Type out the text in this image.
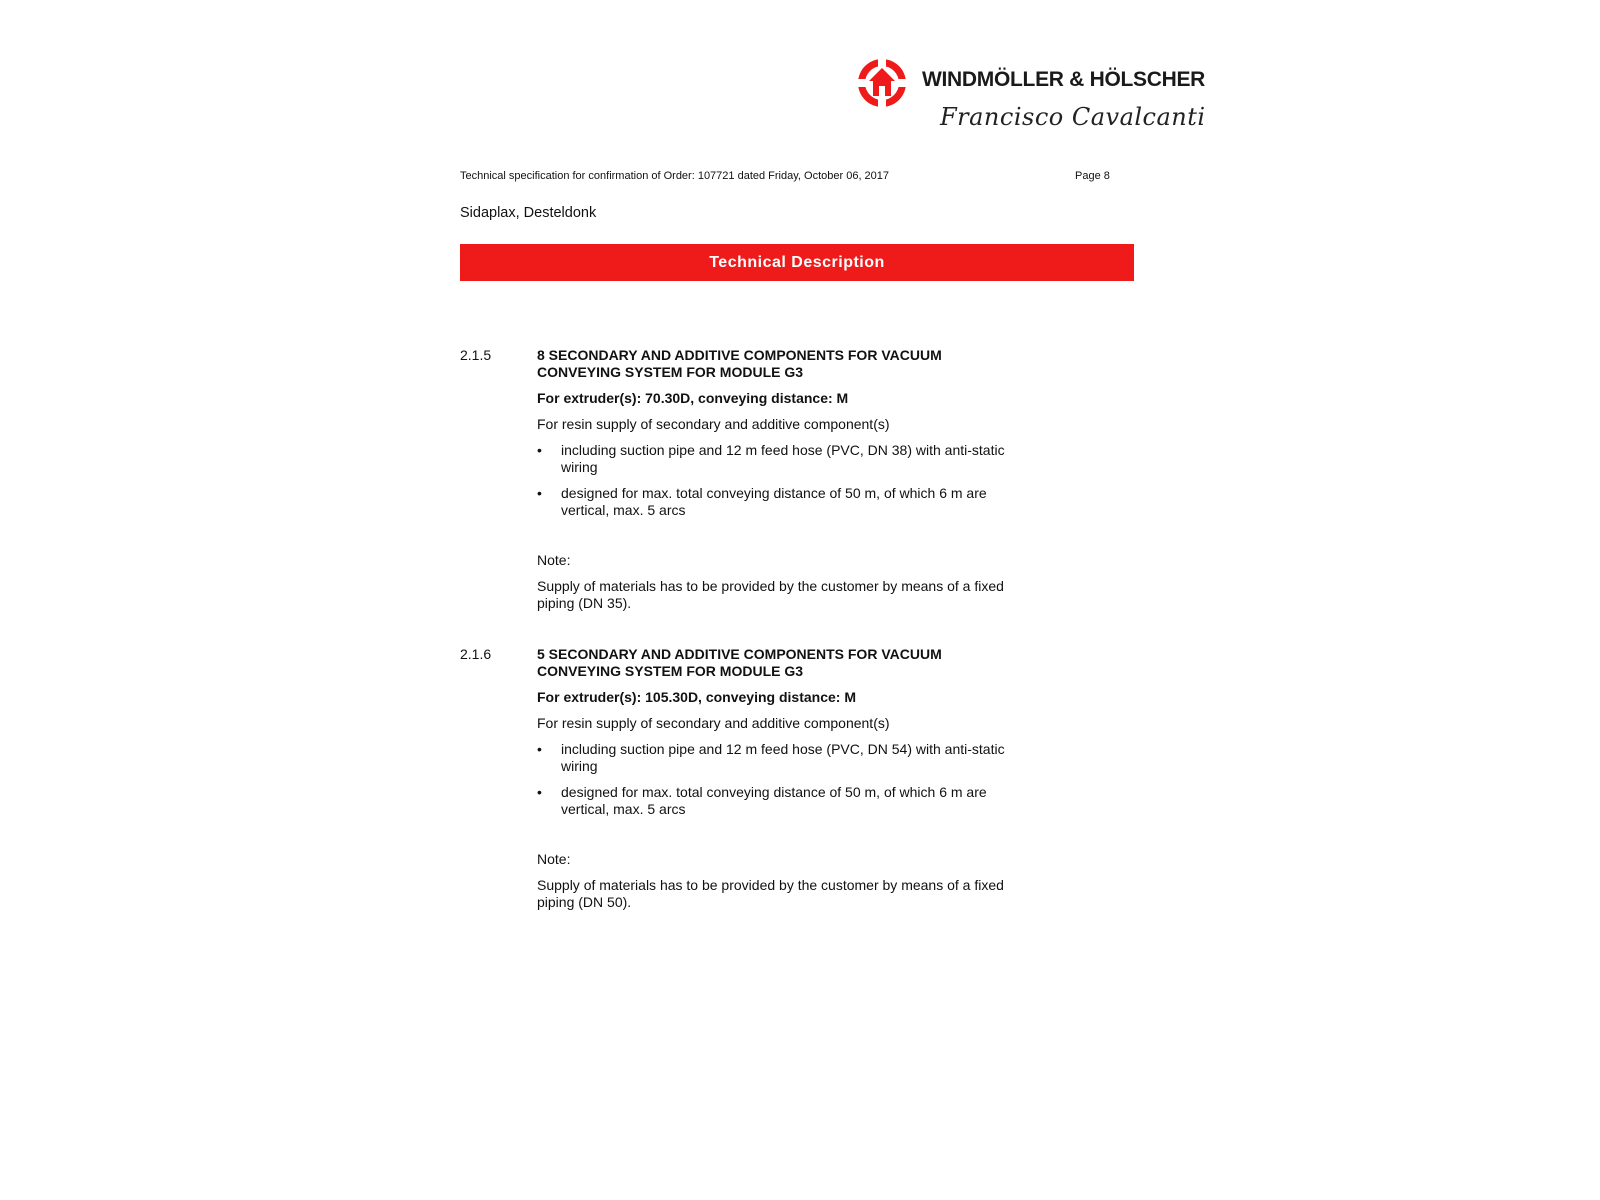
WINDMÖLLER & HÖLSCHER
Francisco Cavalcanti
Technical specification for confirmation of Order: 107721 dated Friday, October 06, 2017	Page 8
Sidaplax, Desteldonk
Technical Description
2.1.5	8 SECONDARY AND ADDITIVE COMPONENTS FOR VACUUM CONVEYING SYSTEM FOR MODULE G3

For extruder(s): 70.30D, conveying distance: M

For resin supply of secondary and additive component(s)

• including suction pipe and 12 m feed hose (PVC, DN 38) with anti-static wiring
• designed for max. total conveying distance of 50 m, of which 6 m are vertical, max. 5 arcs

Note:

Supply of materials has to be provided by the customer by means of a fixed piping (DN 35).

2.1.6	5 SECONDARY AND ADDITIVE COMPONENTS FOR VACUUM CONVEYING SYSTEM FOR MODULE G3

For extruder(s): 105.30D, conveying distance: M

For resin supply of secondary and additive component(s)

• including suction pipe and 12 m feed hose (PVC, DN 54) with anti-static wiring
• designed for max. total conveying distance of 50 m, of which 6 m are vertical, max. 5 arcs

Note:

Supply of materials has to be provided by the customer by means of a fixed piping (DN 50).
